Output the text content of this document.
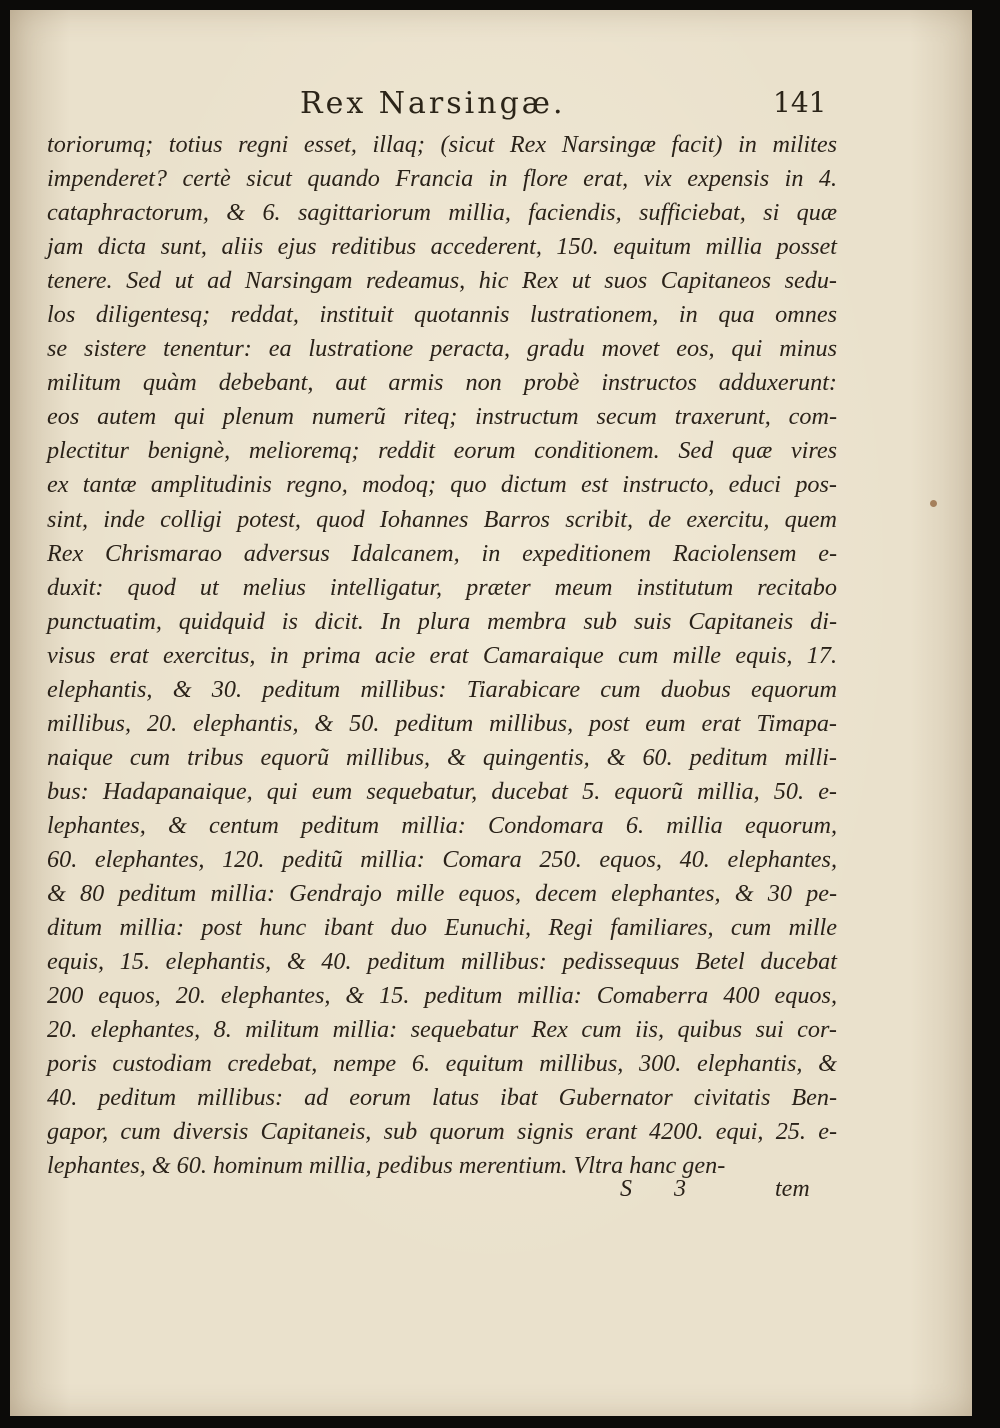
Rex Narsingæ.	141
toriorumq; totius regni esset, illaq; (sicut Rex Narsingæ facit) in milites
impenderet? certè sicut quando Francia in flore erat, vix expensis in 4.
cataphractorum, & 6. sagittariorum millia, faciendis, sufficiebat, si quæ
jam dicta sunt, aliis ejus reditibus accederent, 150. equitum millia posset
tenere. Sed ut ad Narsingam redeamus, hic Rex ut suos Capitaneos sedu-
los diligentesq; reddat, instituit quotannis lustrationem, in qua omnes
se sistere tenentur: ea lustratione peracta, gradu movet eos, qui minus
militum quàm debebant, aut armis non probè instructos adduxerunt:
eos autem qui plenum numerũ riteq; instructum secum traxerunt, com-
plectitur benignè, melioremq; reddit eorum conditionem. Sed quæ vires
ex tantæ amplitudinis regno, modoq; quo dictum est instructo, educi pos-
sint, inde colligi potest, quod Iohannes Barros scribit, de exercitu, quem
Rex Chrismarao adversus Idalcanem, in expeditionem Raciolensem e-
duxit: quod ut melius intelligatur, præter meum institutum recitabo
punctuatim, quidquid is dicit. In plura membra sub suis Capitaneis di-
visus erat exercitus, in prima acie erat Camaraique cum mille equis, 17.
elephantis, & 30. peditum millibus: Tiarabicare cum duobus equorum
millibus, 20. elephantis, & 50. peditum millibus, post eum erat Timapa-
naique cum tribus equorũ millibus, & quingentis, & 60. peditum milli-
bus: Hadapanaique, qui eum sequebatur, ducebat 5. equorũ millia, 50. e-
lephantes, & centum peditum millia: Condomara 6. millia equorum,
60. elephantes, 120. peditũ millia: Comara 250. equos, 40. elephantes,
& 80 peditum millia: Gendrajo mille equos, decem elephantes, & 30 pe-
ditum millia: post hunc ibant duo Eunuchi, Regi familiares, cum mille
equis, 15. elephantis, & 40. peditum millibus: pedissequus Betel ducebat
200 equos, 20. elephantes, & 15. peditum millia: Comaberra 400 equos,
20. elephantes, 8. militum millia: sequebatur Rex cum iis, quibus sui cor-
poris custodiam credebat, nempe 6. equitum millibus, 300. elephantis, &
40. peditum millibus: ad eorum latus ibat Gubernator civitatis Ben-
gapor, cum diversis Capitaneis, sub quorum signis erant 4200. equi, 25. e-
lephantes, & 60. hominum millia, pedibus merentium. Vltra hanc gen-
S 3	tem
